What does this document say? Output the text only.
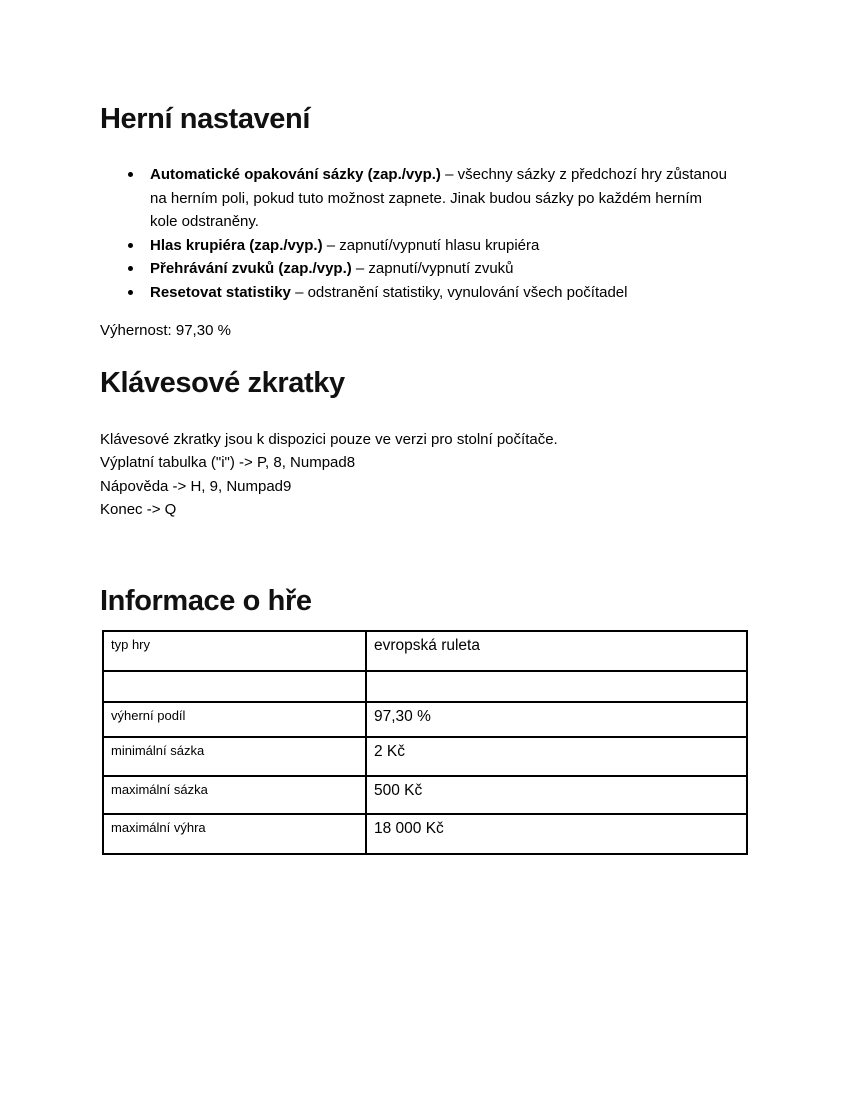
Herní nastavení
Automatické opakování sázky (zap./vyp.) – všechny sázky z předchozí hry zůstanou na herním poli, pokud tuto možnost zapnete. Jinak budou sázky po každém herním kole odstraněny.
Hlas krupiéra (zap./vyp.) – zapnutí/vypnutí hlasu krupiéra
Přehrávání zvuků (zap./vyp.) – zapnutí/vypnutí zvuků
Resetovat statistiky – odstranění statistiky, vynulování všech počítadel

Výhernost: 97,30 %

Klávesové zkratky

Klávesové zkratky jsou k dispozici pouze ve verzi pro stolní počítače.
Výplatní tabulka ("i") -> P, 8, Numpad8
Nápověda -> H, 9, Numpad9
Konec -> Q

Informace o hře
typ hry	evropská ruleta

výherní podíl	97,30 %
minimální sázka	2 Kč
maximální sázka	500 Kč
maximální výhra	18 000 Kč
